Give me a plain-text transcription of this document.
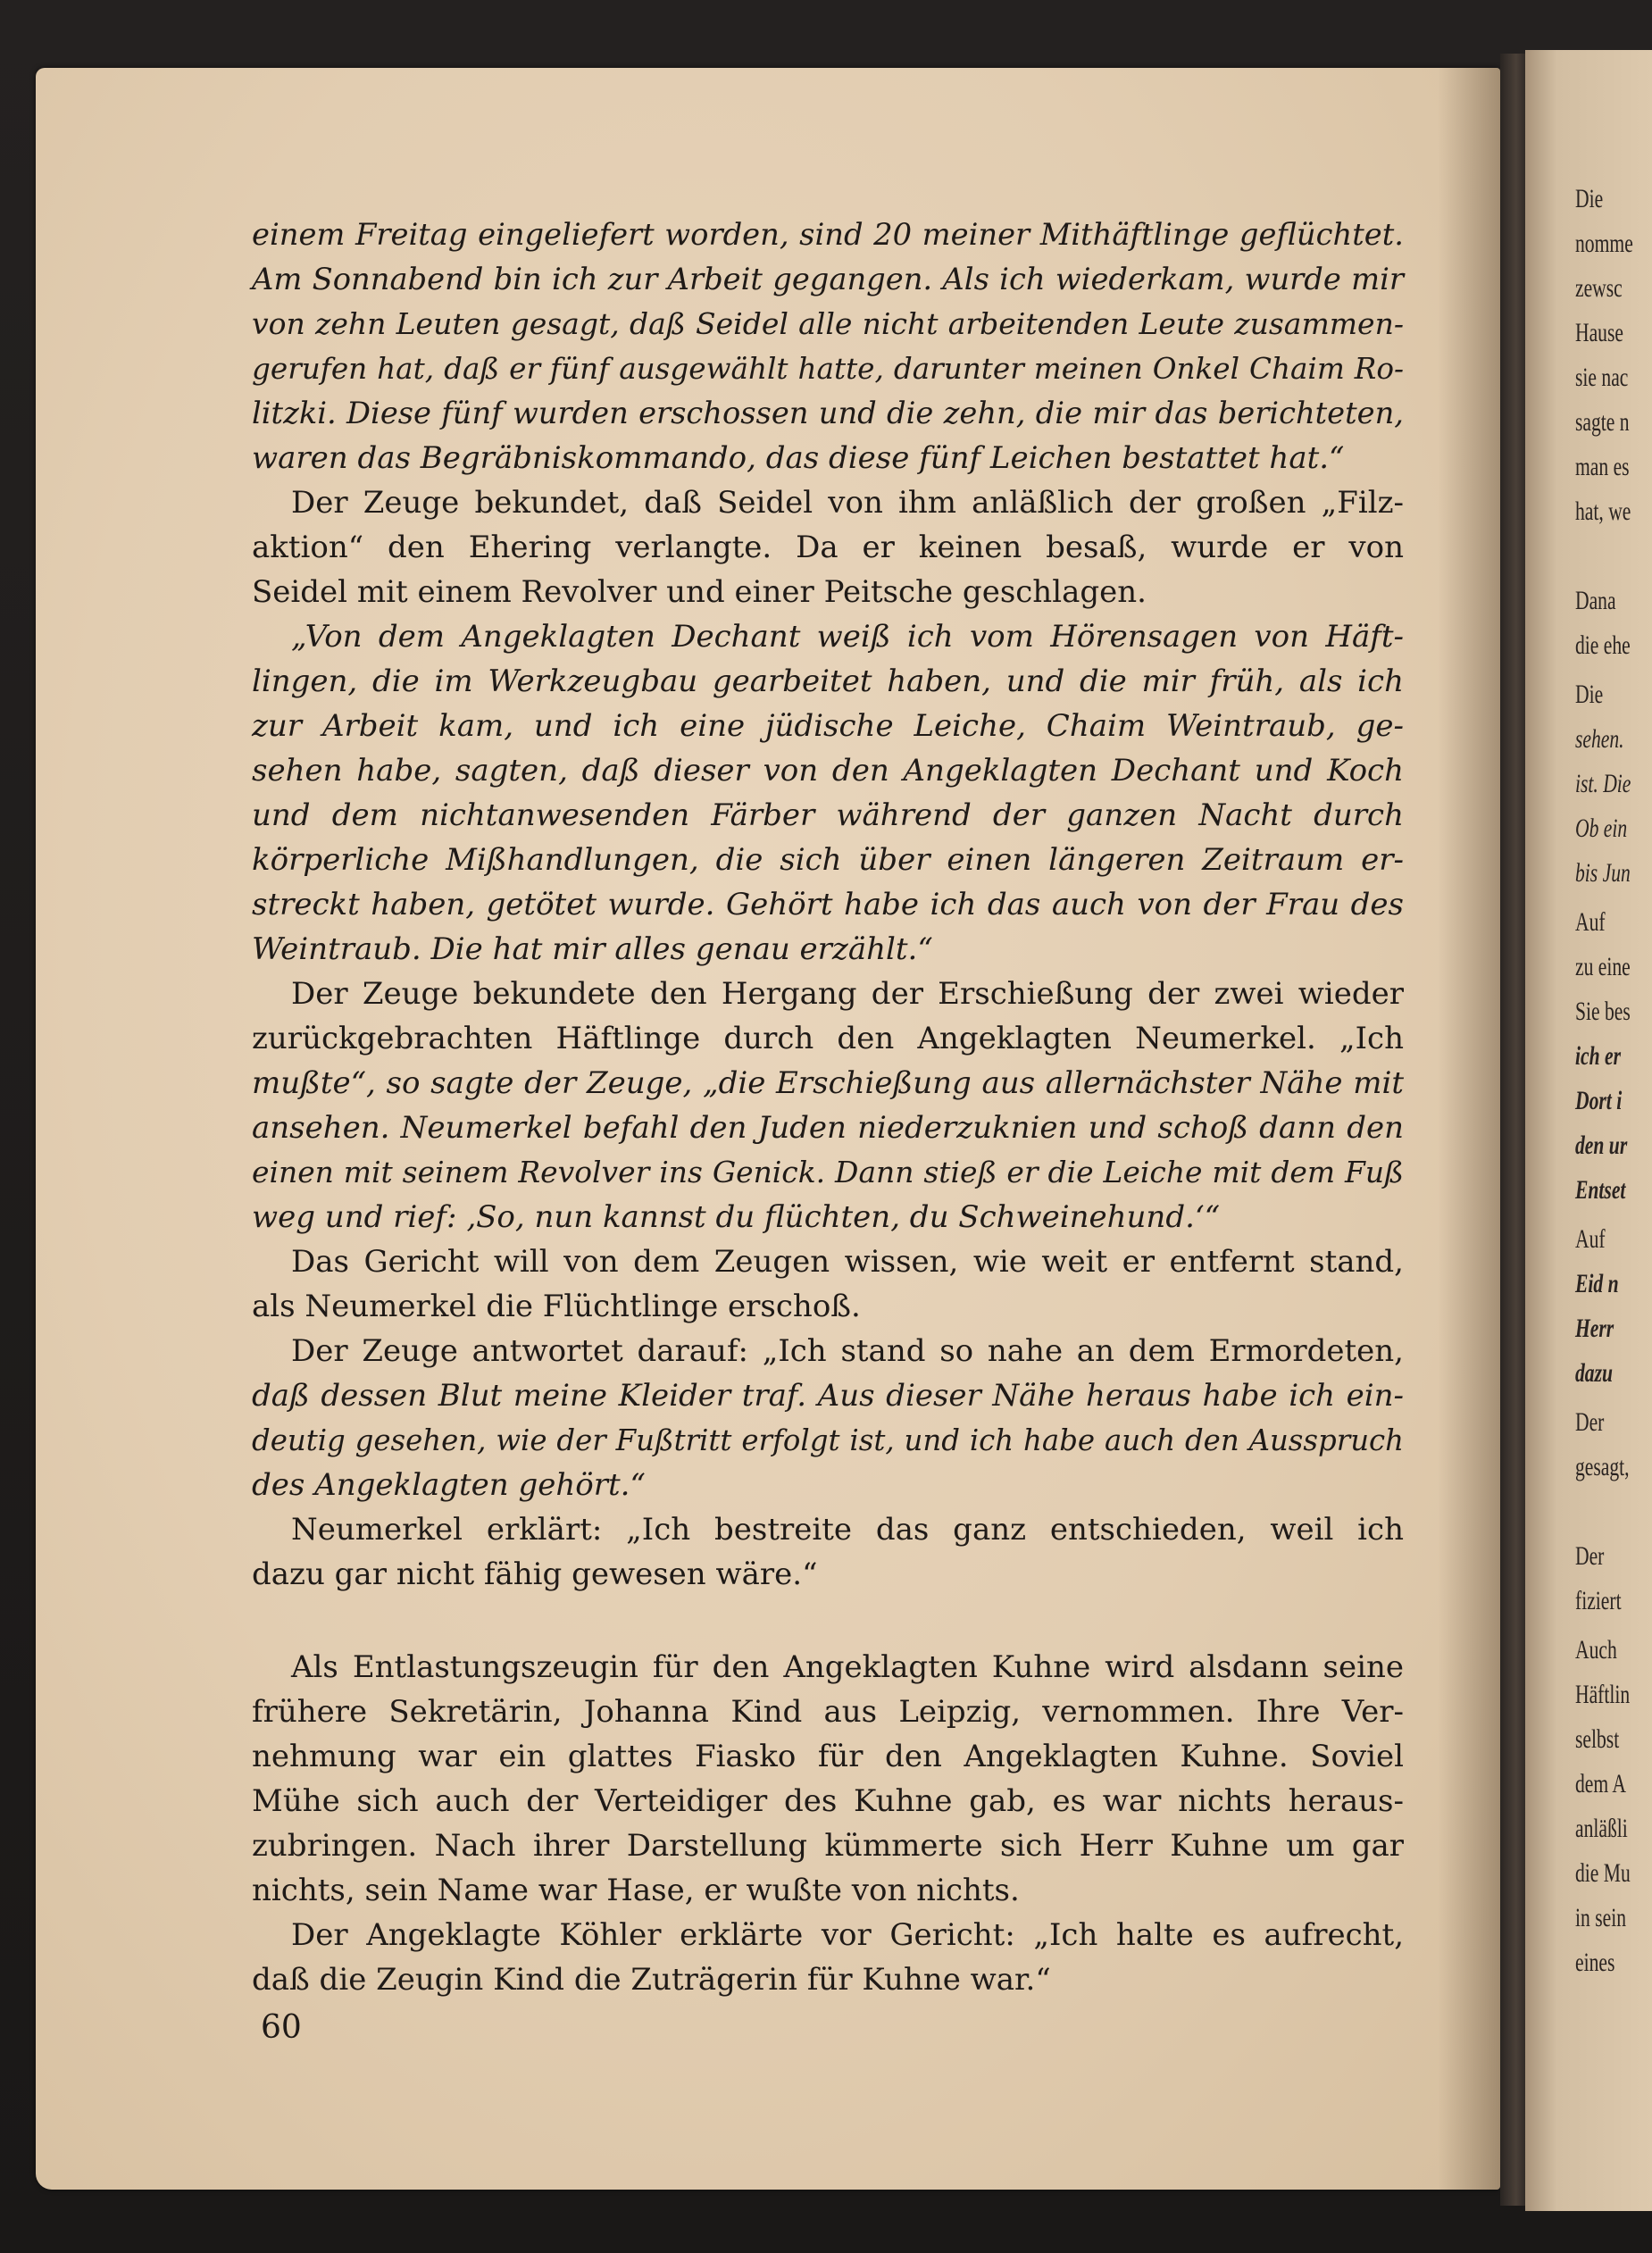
Die
nomme
zewsc
Hause
sie nac
sagte n
man es
hat, we
Dana
die ehe
Die
sehen.
ist. Die
Ob ein
bis Jun
Auf
zu eine
Sie bes
ich er
Dort i
den ur
Entset
Auf
Eid n
Herr
dazu
Der
gesagt,
Der
fiziert
Auch
Häftlin
selbst
dem A
anläßli
die Mu
in sein
eines
einem Freitag eingeliefert worden, sind 20 meiner Mithäftlinge geflüchtet.
Am Sonnabend bin ich zur Arbeit gegangen. Als ich wiederkam, wurde mir
von zehn Leuten gesagt, daß Seidel alle nicht arbeitenden Leute zusammen-
gerufen hat, daß er fünf ausgewählt hatte, darunter meinen Onkel Chaim Ro-
litzki. Diese fünf wurden erschossen und die zehn, die mir das berichteten,
waren das Begräbniskommando, das diese fünf Leichen bestattet hat.“
Der Zeuge bekundet, daß Seidel von ihm anläßlich der großen „Filz-
aktion“ den Ehering verlangte. Da er keinen besaß, wurde er von
Seidel mit einem Revolver und einer Peitsche geschlagen.
„Von dem Angeklagten Dechant weiß ich vom Hörensagen von Häft-
lingen, die im Werkzeugbau gearbeitet haben, und die mir früh, als ich
zur Arbeit kam, und ich eine jüdische Leiche, Chaim Weintraub, ge-
sehen habe, sagten, daß dieser von den Angeklagten Dechant und Koch
und dem nichtanwesenden Färber während der ganzen Nacht durch
körperliche Mißhandlungen, die sich über einen längeren Zeitraum er-
streckt haben, getötet wurde. Gehört habe ich das auch von der Frau des
Weintraub. Die hat mir alles genau erzählt.“
Der Zeuge bekundete den Hergang der Erschießung der zwei wieder
zurückgebrachten Häftlinge durch den Angeklagten Neumerkel. „Ich
mußte“, so sagte der Zeuge, „die Erschießung aus allernächster Nähe mit
ansehen. Neumerkel befahl den Juden niederzuknien und schoß dann den
einen mit seinem Revolver ins Genick. Dann stieß er die Leiche mit dem Fuß
weg und rief: ‚So, nun kannst du flüchten, du Schweinehund.‘“
Das Gericht will von dem Zeugen wissen, wie weit er entfernt stand,
als Neumerkel die Flüchtlinge erschoß.
Der Zeuge antwortet darauf: „Ich stand so nahe an dem Ermordeten,
daß dessen Blut meine Kleider traf. Aus dieser Nähe heraus habe ich ein-
deutig gesehen, wie der Fußtritt erfolgt ist, und ich habe auch den Ausspruch
des Angeklagten gehört.“
Neumerkel erklärt: „Ich bestreite das ganz entschieden, weil ich
dazu gar nicht fähig gewesen wäre.“
Als Entlastungszeugin für den Angeklagten Kuhne wird alsdann seine
frühere Sekretärin, Johanna Kind aus Leipzig, vernommen. Ihre Ver-
nehmung war ein glattes Fiasko für den Angeklagten Kuhne. Soviel
Mühe sich auch der Verteidiger des Kuhne gab, es war nichts heraus-
zubringen. Nach ihrer Darstellung kümmerte sich Herr Kuhne um gar
nichts, sein Name war Hase, er wußte von nichts.
Der Angeklagte Köhler erklärte vor Gericht: „Ich halte es aufrecht,
daß die Zeugin Kind die Zuträgerin für Kuhne war.“
60
